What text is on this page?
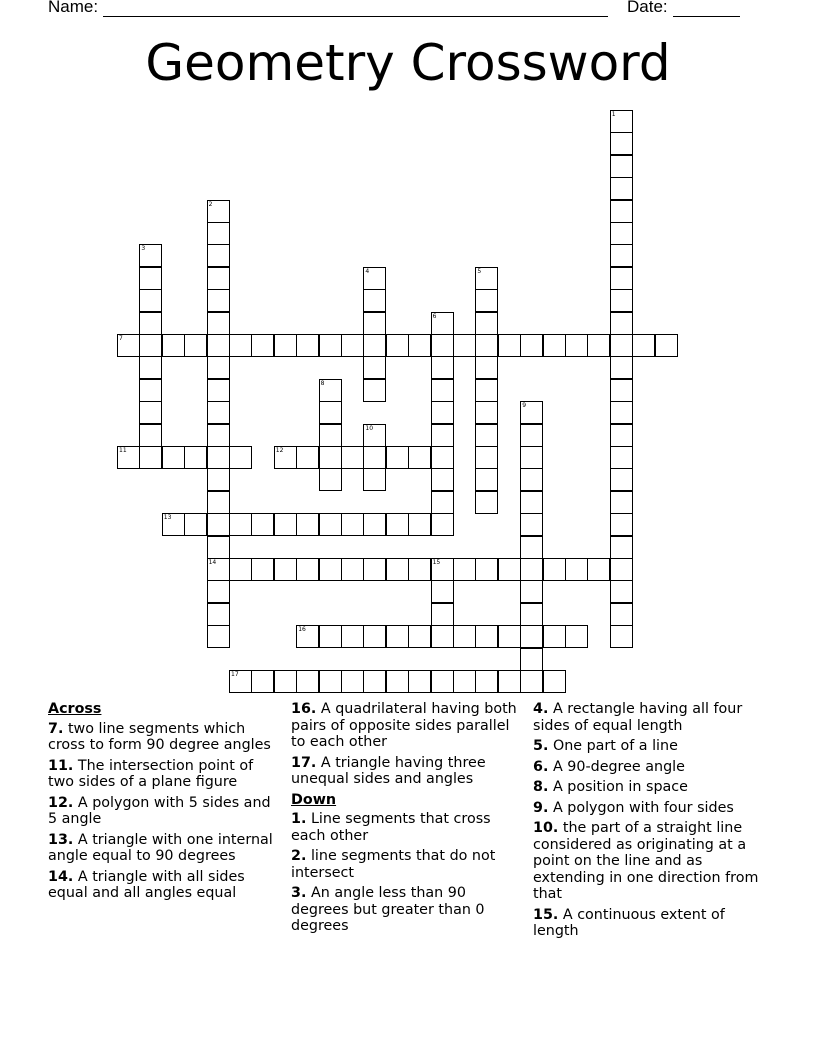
Name:	Date:
Geometry Crossword
1
2
14
3
4	5
6
7
8
9
10
11	12
13
15
16
17
Across
7. two line segments which cross to form 90 degree angles
11. The intersection point of two sides of a plane figure
12. A polygon with 5 sides and 5 angle
13. A triangle with one internal angle equal to 90 degrees
14. A triangle with all sides equal and all angles equal
16. A quadrilateral having both pairs of opposite sides parallel to each other
17. A triangle having three unequal sides and angles
Down
1. Line segments that cross each other
2. line segments that do not intersect
3. An angle less than 90 degrees but greater than 0 degrees
4. A rectangle having all four sides of equal length
5. One part of a line
6. A 90-degree angle
8. A position in space
9. A polygon with four sides
10. the part of a straight line considered as originating at a point on the line and as extending in one direction from that
15. A continuous extent of length
